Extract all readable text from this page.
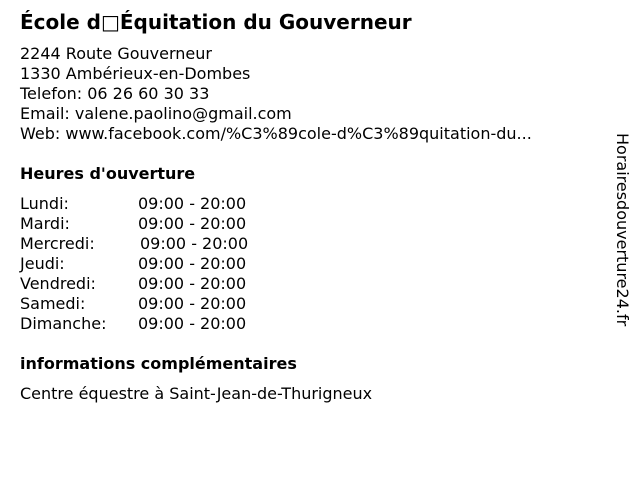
École d□Équitation du Gouverneur
2244 Route Gouverneur
1330 Ambérieux-en-Dombes
Telefon: 06 26 60 30 33
Email: valene.paolino@gmail.com
Web: www.facebook.com/%C3%89cole-d%C3%89quitation-du...
Heures d'ouverture
Lundi:	09:00 - 20:00
Mardi:	09:00 - 20:00
Mercredi:	09:00 - 20:00
Jeudi:	09:00 - 20:00
Vendredi:	09:00 - 20:00
Samedi:	09:00 - 20:00
Dimanche: 09:00 - 20:00
informations complémentaires
Centre équestre à Saint-Jean-de-Thurigneux
Horairesdouverture24.fr
